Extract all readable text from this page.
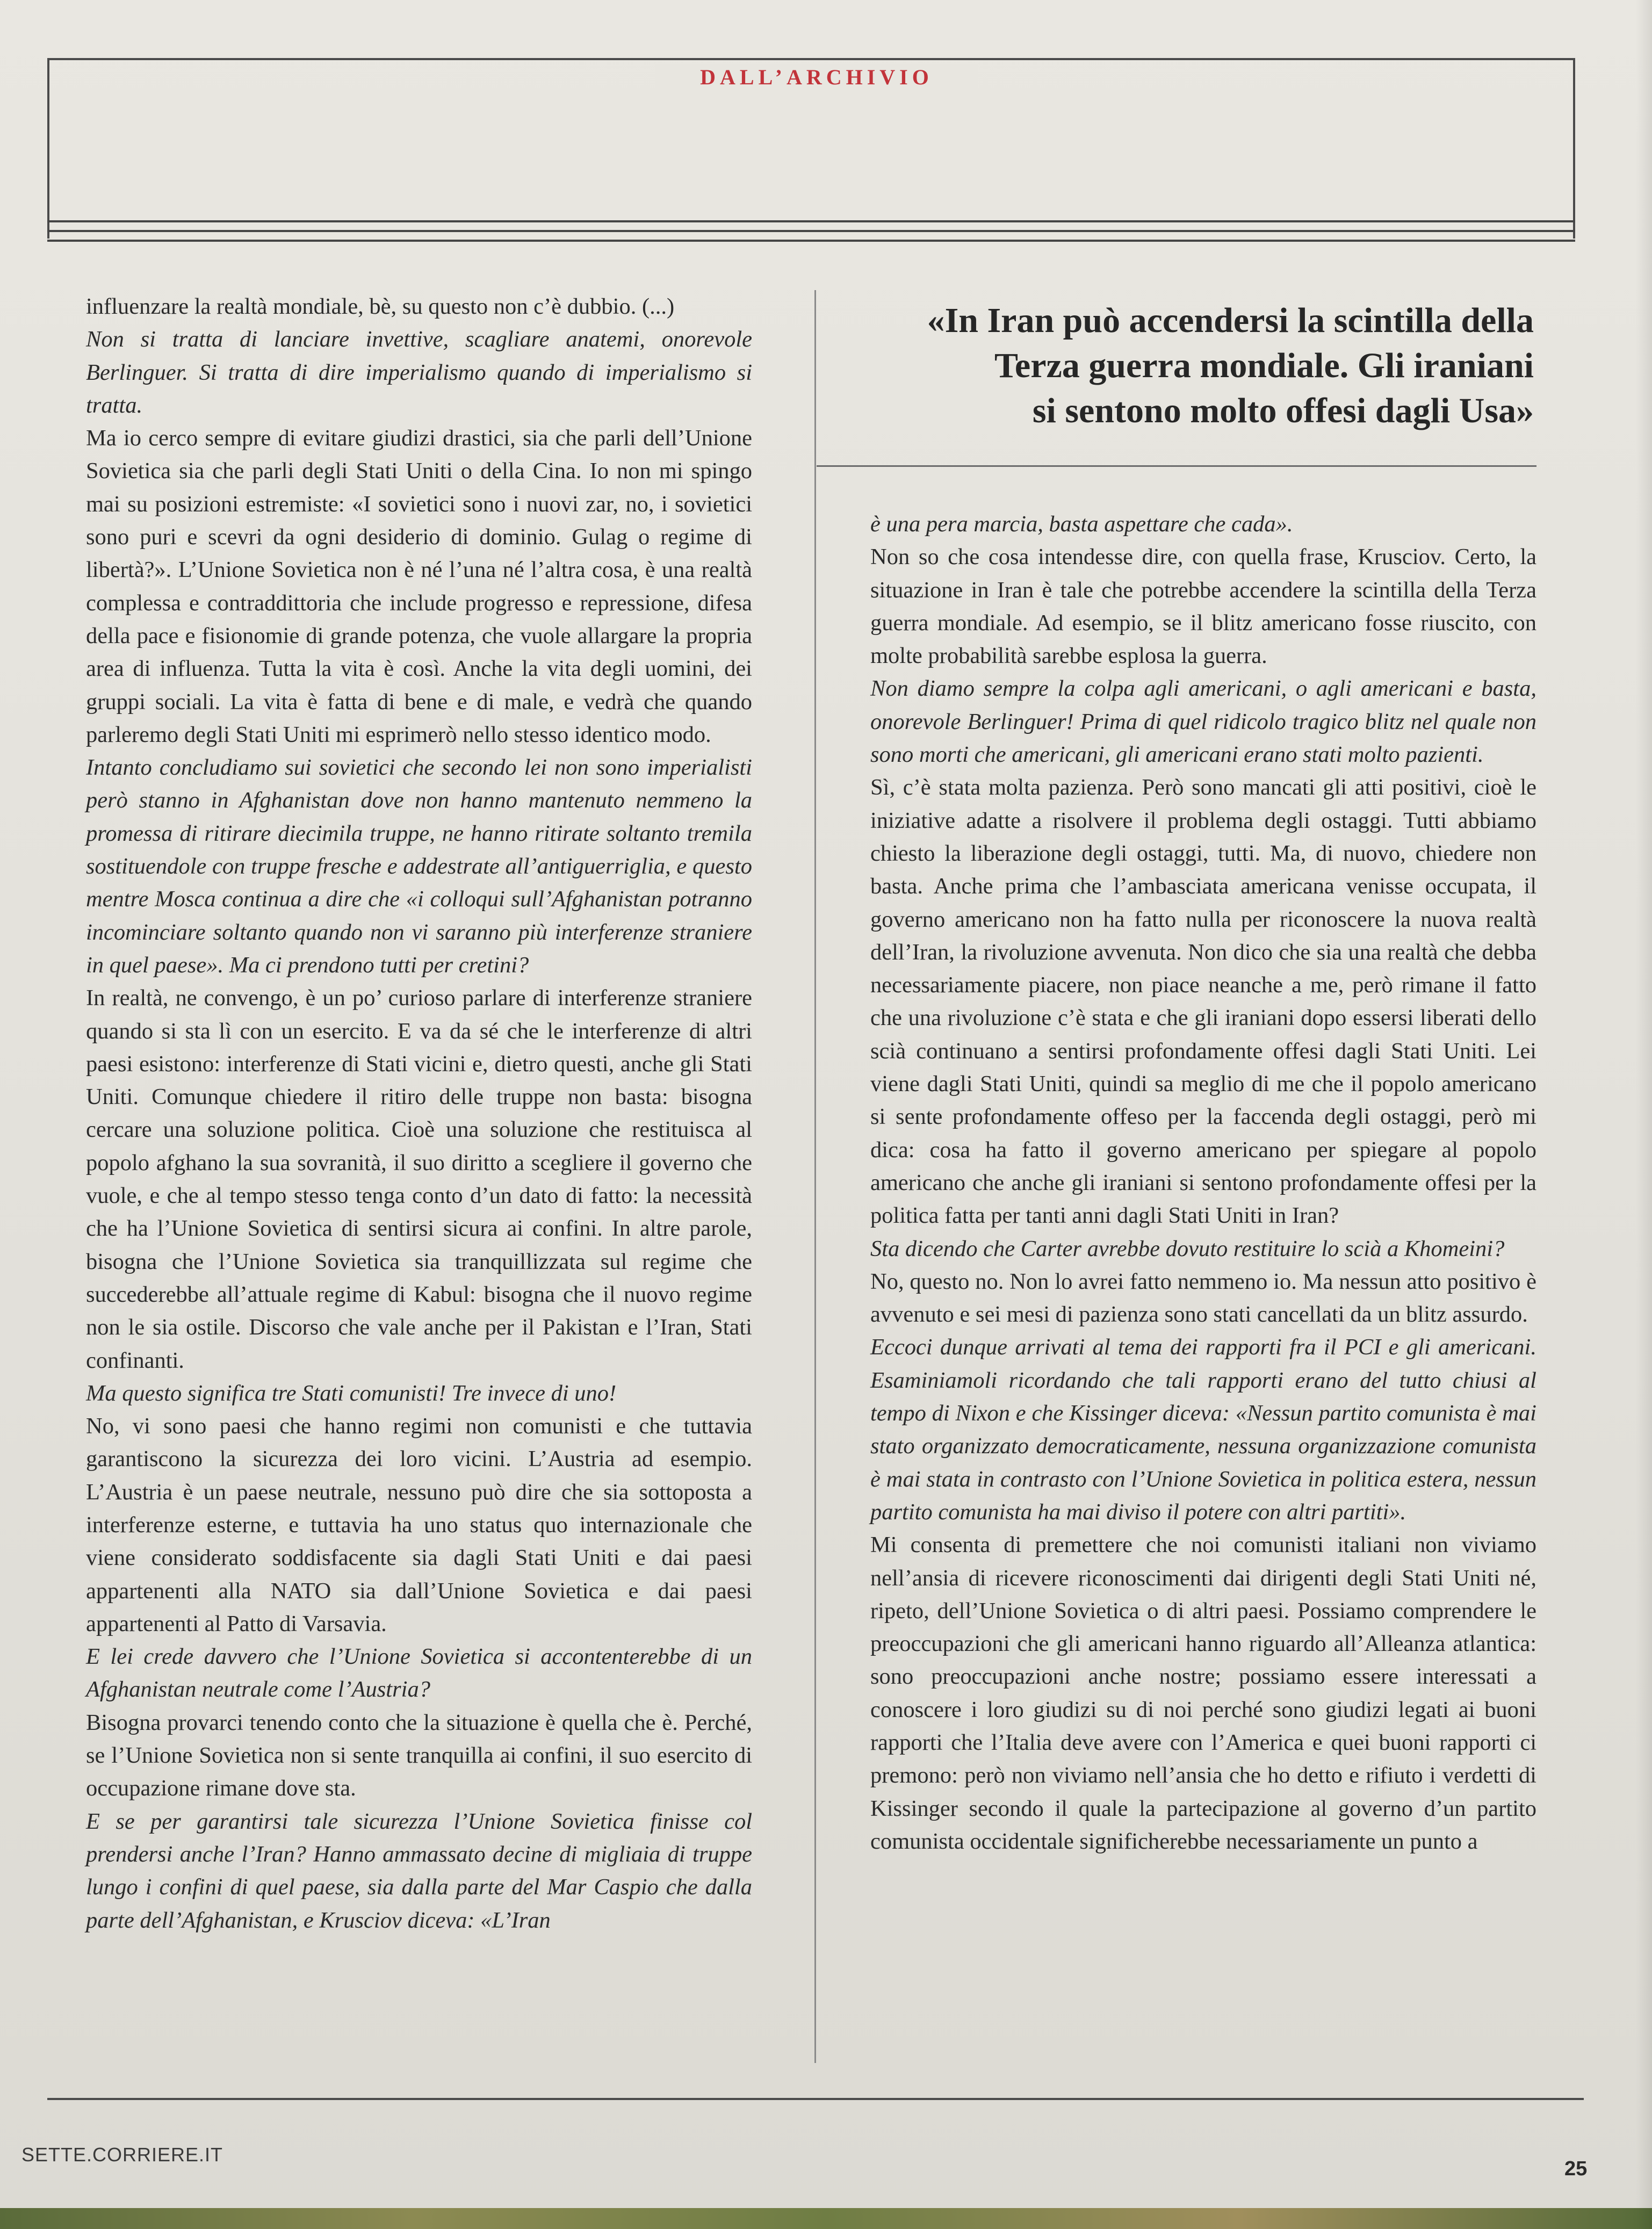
DALL’ARCHIVIO

influenzare la realtà mondiale, bè, su questo non c’è dubbio. (...)

Non si tratta di lanciare invettive, scagliare anatemi, onorevole Berlinguer. Si tratta di dire imperialismo quando di imperialismo si tratta.

Ma io cerco sempre di evitare giudizi drastici, sia che parli dell’Unione Sovietica sia che parli degli Stati Uniti o della Cina. Io non mi spingo mai su posizioni estremiste: «I sovietici sono i nuovi zar, no, i sovietici sono puri e scevri da ogni desiderio di dominio. Gulag o regime di libertà?». L’Unione Sovietica non è né l’una né l’altra cosa, è una realtà complessa e contraddittoria che include progresso e repressione, difesa della pace e fisionomie di grande potenza, che vuole allargare la propria area di influenza. Tutta la vita è così. Anche la vita degli uomini, dei gruppi sociali. La vita è fatta di bene e di male, e vedrà che quando parleremo degli Stati Uniti mi esprimerò nello stesso identico modo.

Intanto concludiamo sui sovietici che secondo lei non sono imperialisti però stanno in Afghanistan dove non hanno mantenuto nemmeno la promessa di ritirare diecimila truppe, ne hanno ritirate soltanto tremila sostituendole con truppe fresche e addestrate all’antiguerriglia, e questo mentre Mosca continua a dire che «i colloqui sull’Afghanistan potranno incominciare soltanto quando non vi saranno più interferenze straniere in quel paese». Ma ci prendono tutti per cretini?

In realtà, ne convengo, è un po’ curioso parlare di interferenze straniere quando si sta lì con un esercito. E va da sé che le interferenze di altri paesi esistono: interferenze di Stati vicini e, dietro questi, anche gli Stati Uniti. Comunque chiedere il ritiro delle truppe non basta: bisogna cercare una soluzione politica. Cioè una soluzione che restituisca al popolo afghano la sua sovranità, il suo diritto a scegliere il governo che vuole, e che al tempo stesso tenga conto d’un dato di fatto: la necessità che ha l’Unione Sovietica di sentirsi sicura ai confini. In altre parole, bisogna che l’Unione Sovietica sia tranquillizzata sul regime che succederebbe all’attuale regime di Kabul: bisogna che il nuovo regime non le sia ostile. Discorso che vale anche per il Pakistan e l’Iran, Stati confinanti.

Ma questo significa tre Stati comunisti! Tre invece di uno!

No, vi sono paesi che hanno regimi non comunisti e che tuttavia garantiscono la sicurezza dei loro vicini. L’Austria ad esempio. L’Austria è un paese neutrale, nessuno può dire che sia sottoposta a interferenze esterne, e tuttavia ha uno status quo internazionale che viene considerato soddisfacente sia dagli Stati Uniti e dai paesi appartenenti alla NATO sia dall’Unione Sovietica e dai paesi appartenenti al Patto di Varsavia.

E lei crede davvero che l’Unione Sovietica si accontenterebbe di un Afghanistan neutrale come l’Austria?

Bisogna provarci tenendo conto che la situazione è quella che è. Perché, se l’Unione Sovietica non si sente tranquilla ai confini, il suo esercito di occupazione rimane dove sta.

E se per garantirsi tale sicurezza l’Unione Sovietica finisse col prendersi anche l’Iran? Hanno ammassato decine di migliaia di truppe lungo i confini di quel paese, sia dalla parte del Mar Caspio che dalla parte dell’Afghanistan, e Krusciov diceva: «L’Iran

«In Iran può accendersi la scintilla della
Terza guerra mondiale. Gli iraniani
si sentono molto offesi dagli Usa»

è una pera marcia, basta aspettare che cada».

Non so che cosa intendesse dire, con quella frase, Krusciov. Certo, la situazione in Iran è tale che potrebbe accendere la scintilla della Terza guerra mondiale. Ad esempio, se il blitz americano fosse riuscito, con molte probabilità sarebbe esplosa la guerra.

Non diamo sempre la colpa agli americani, o agli americani e basta, onorevole Berlinguer! Prima di quel ridicolo tragico blitz nel quale non sono morti che americani, gli americani erano stati molto pazienti.

Sì, c’è stata molta pazienza. Però sono mancati gli atti positivi, cioè le iniziative adatte a risolvere il problema degli ostaggi. Tutti abbiamo chiesto la liberazione degli ostaggi, tutti. Ma, di nuovo, chiedere non basta. Anche prima che l’ambasciata americana venisse occupata, il governo americano non ha fatto nulla per riconoscere la nuova realtà dell’Iran, la rivoluzione avvenuta. Non dico che sia una realtà che debba necessariamente piacere, non piace neanche a me, però rimane il fatto che una rivoluzione c’è stata e che gli iraniani dopo essersi liberati dello scià continuano a sentirsi profondamente offesi dagli Stati Uniti. Lei viene dagli Stati Uniti, quindi sa meglio di me che il popolo americano si sente profondamente offeso per la faccenda degli ostaggi, però mi dica: cosa ha fatto il governo americano per spiegare al popolo americano che anche gli iraniani si sentono profondamente offesi per la politica fatta per tanti anni dagli Stati Uniti in Iran?

Sta dicendo che Carter avrebbe dovuto restituire lo scià a Khomeini?

No, questo no. Non lo avrei fatto nemmeno io. Ma nessun atto positivo è avvenuto e sei mesi di pazienza sono stati cancellati da un blitz assurdo.

Eccoci dunque arrivati al tema dei rapporti fra il PCI e gli americani. Esaminiamoli ricordando che tali rapporti erano del tutto chiusi al tempo di Nixon e che Kissinger diceva: «Nessun partito comunista è mai stato organizzato democraticamente, nessuna organizzazione comunista è mai stata in contrasto con l’Unione Sovietica in politica estera, nessun partito comunista ha mai diviso il potere con altri partiti».

Mi consenta di premettere che noi comunisti italiani non viviamo nell’ansia di ricevere riconoscimenti dai dirigenti degli Stati Uniti né, ripeto, dell’Unione Sovietica o di altri paesi. Possiamo comprendere le preoccupazioni che gli americani hanno riguardo all’Alleanza atlantica: sono preoccupazioni anche nostre; possiamo essere interessati a conoscere i loro giudizi su di noi perché sono giudizi legati ai buoni rapporti che l’Italia deve avere con l’America e quei buoni rapporti ci premono: però non viviamo nell’ansia che ho detto e rifiuto i verdetti di Kissinger secondo il quale la partecipazione al governo d’un partito comunista occidentale significherebbe necessariamente un punto a

SETTE.CORRIERE.IT
25
